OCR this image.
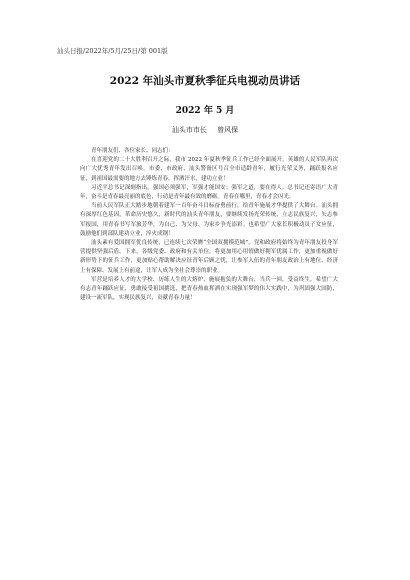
汕头日报/2022年/5月/25日/第 001版
2022 年汕头市夏秋季征兵电视动员讲话
2022 年 5 月
汕头市市长 曾风保

青年朋友们、各位家长、同志们：

在喜迎党的二十大胜利召开之际，我市 2022 年夏秋季征兵工作已经全面展开。英雄的人民军队再次向广大优秀青年发出召唤。市委、市政府、汕头警备区号召全市适龄青年，履行光荣义务，踊跃报名应征，到祖国最需要的地方去锤炼青春，挥洒汗水，建功立业！

习近平总书记深刻指出，强国必须强军，军强才能国安；强军之道，要在得人。总书记还寄语广大青年，奋斗是青春最亮丽的底色，行动是青年最有效的磨砺。青春在哪里，青春才会闪光。

当前人民军队正大踏步地朝着建军一百年奋斗目标奋勇前行，给青年施展才华提供了大舞台。汕头拥有深厚红色基因，革命历史悠久，新时代的汕头青年朋友，要继续发扬光荣传统，立志民族复兴，矢志参军报国，用青春书写军旅芳华，为自己、为父母、为家乡争光添彩。也希望广大家长积极动员子女应征，鼓励他们到部队建功立业，淬火成钢！

汕头素有爱国拥军优良传统，已连续七次荣膺“全国双拥模范城”。党和政府将始终为青年朋友投身军营提供坚强后盾。下来，各级党委、政府和有关单位，将更加用心用情做好拥军优属工作，更加重视做好新形势下的征兵工作，更加贴心帮助解决应征青年后顾之忧，让参军入伍的青年朋友政治上有地位、经济上有保障、发展上有前途，让军人成为全社会尊崇的职业。

军营是培养人才的大学校、历练人生的大熔炉、施展抱负的大舞台，当兵一回，受益终生。希望广大有志青年踊跃应征，勇敢接受祖国挑选，把青春热血挥洒在实现强军梦的伟大实践中，为巩固强大国防，建设一流军队，实现民族复兴，贡献青春力量！
